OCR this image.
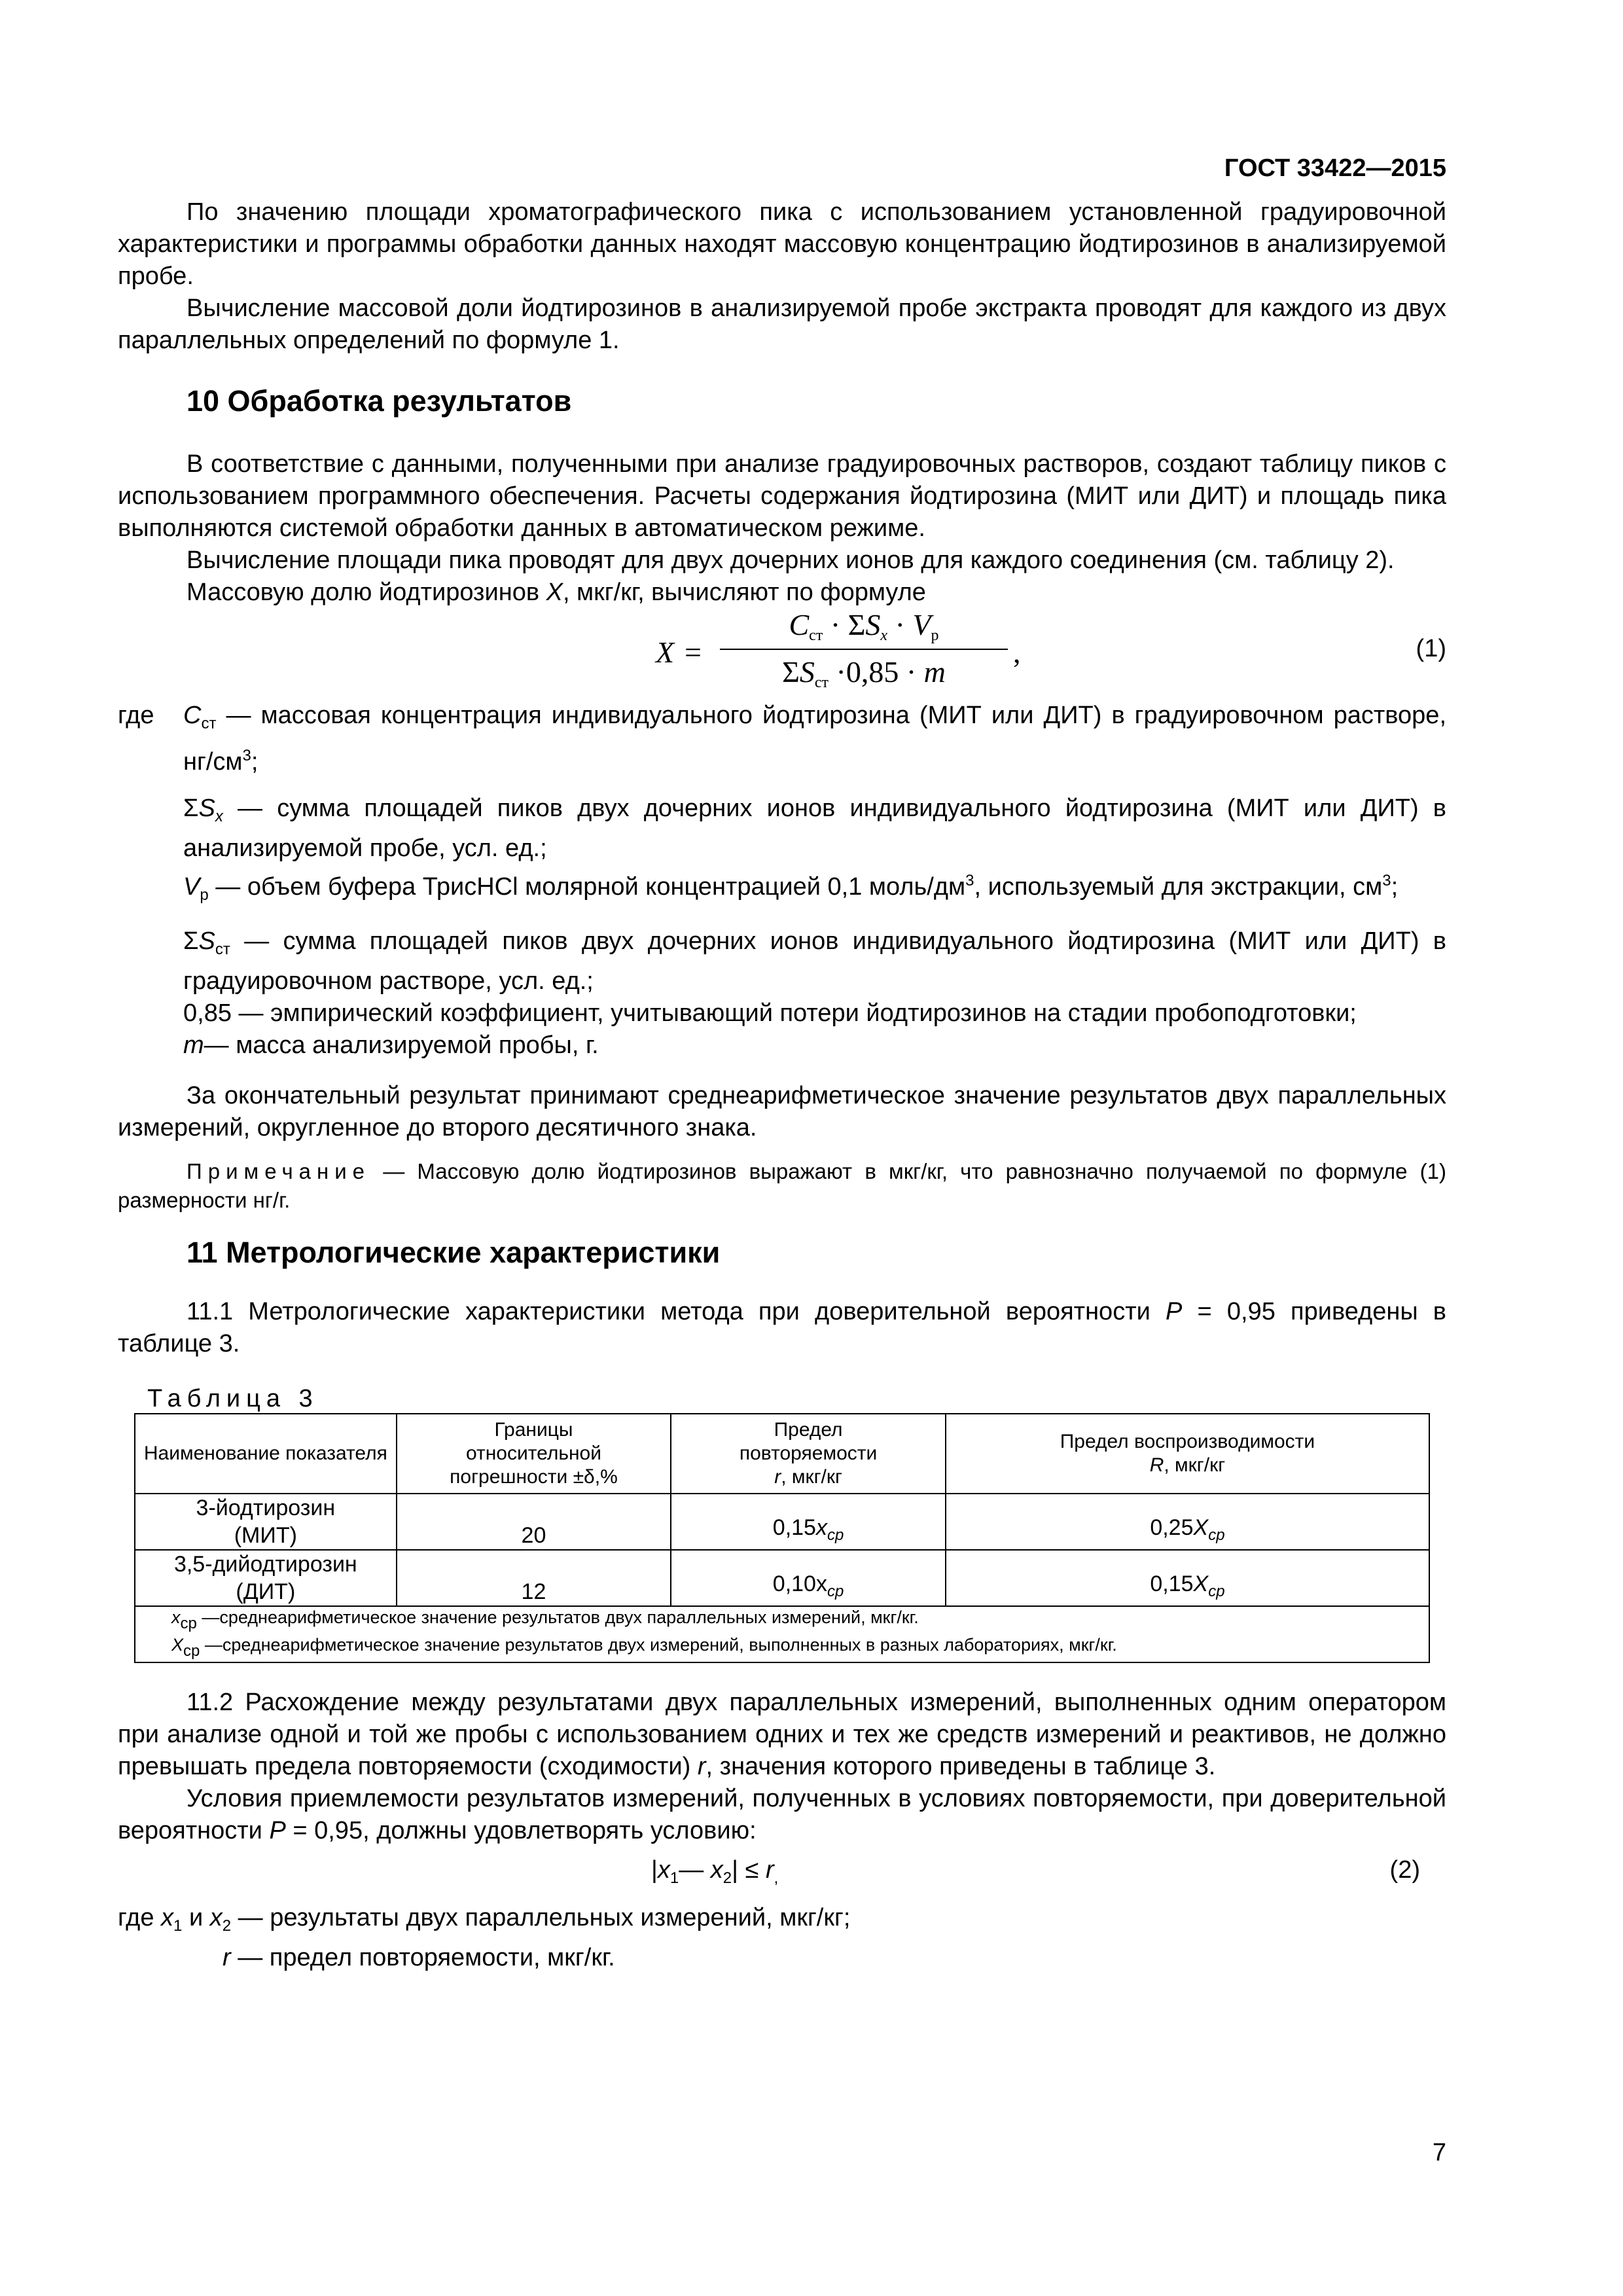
ГОСТ 33422—2015

По значению площади хроматографического пика с использованием установленной градуировочной характеристики и программы обработки данных находят массовую концентрацию йодтирозинов в анализируемой пробе.

Вычисление массовой доли йодтирозинов в анализируемой пробе экстракта проводят для каждого из двух параллельных определений по формуле 1.

10 Обработка результатов

В соответствие с данными, полученными при анализе градуировочных растворов, создают таблицу пиков с использованием программного обеспечения. Расчеты содержания йодтирозина (МИТ или ДИТ) и площадь пика выполняются системой обработки данных в автоматическом режиме.

Вычисление площади пика проводят для двух дочерних ионов для каждого соединения (см. таблицу 2).

Массовую долю йодтирозинов X, мкг/кг, вычисляют по формуле

X =
$C_{ст} \cdot \Sigma S_x \cdot V_р$
$\Sigma S_{ст} \cdot 0,85 \cdot m$
,	(1)
где $С_{ст}$ — массовая концентрация индивидуального йодтирозина (МИТ или ДИТ) в градуировочном растворе, $нг/см^3$;

$\Sigma S_x$ — сумма площадей пиков двух дочерних ионов индивидуального йодтирозина (МИТ или ДИТ) в анализируемой пробе, усл. ед.;

$V_р$ — объем буфера ТрисHCl молярной концентрацией 0,1 моль/$дм^3$, используемый для экстракции, $см^3$;

$\Sigma S_{ст}$ — сумма площадей пиков двух дочерних ионов индивидуального йодтирозина (МИТ или ДИТ) в градуировочном растворе, усл. ед.;

0,85 — эмпирический коэффициент, учитывающий потери йодтирозинов на стадии пробоподготовки;

m— масса анализируемой пробы, г.

За окончательный результат принимают среднеарифметическое значение результатов двух параллельных измерений, округленное до второго десятичного знака.

Примечание — Массовую долю йодтирозинов выражают в мкг/кг, что равнозначно получаемой по формуле (1) размерности нг/г.

11 Метрологические характеристики

11.1 Метрологические характеристики метода при доверительной вероятности Р = 0,95 приведены в таблице 3.

Таблица 3
Наименование показателя	Границы
относительной
погрешности ±δ,%	Предел
повторяемости
r, мкг/кг	Предел воспроизводимости
R, мкг/кг
3-йодтирозин
(МИТ)	20	$0,15x_{ср}$	$0,25X_{ср}$
3,5-дийодтирозин
(ДИТ)	12	$0,10x_{ср}$	$0,15X_{ср}$

xср —среднеарифметическое значение результатов двух параллельных измерений, мкг/кг.
Xср —среднеарифметическое значение результатов двух измерений, выполненных в разных лабораториях, мкг/кг.			

11.2 Расхождение между результатами двух параллельных измерений, выполненных одним оператором при анализе одной и той же пробы с использованием одних и тех же средств измерений и реактивов, не должно превышать предела повторяемости (сходимости) r, значения которого приведены в таблице 3.

Условия приемлемости результатов измерений, полученных в условиях повторяемости, при доверительной вероятности Р = 0,95, должны удовлетворять условию:

$|x_1—$ $x_2| \le r_,$	(2)

где $x_1$ и $x_2$ — результаты двух параллельных измерений, мкг/кг;

r — предел повторяемости, мкг/кг.

7
